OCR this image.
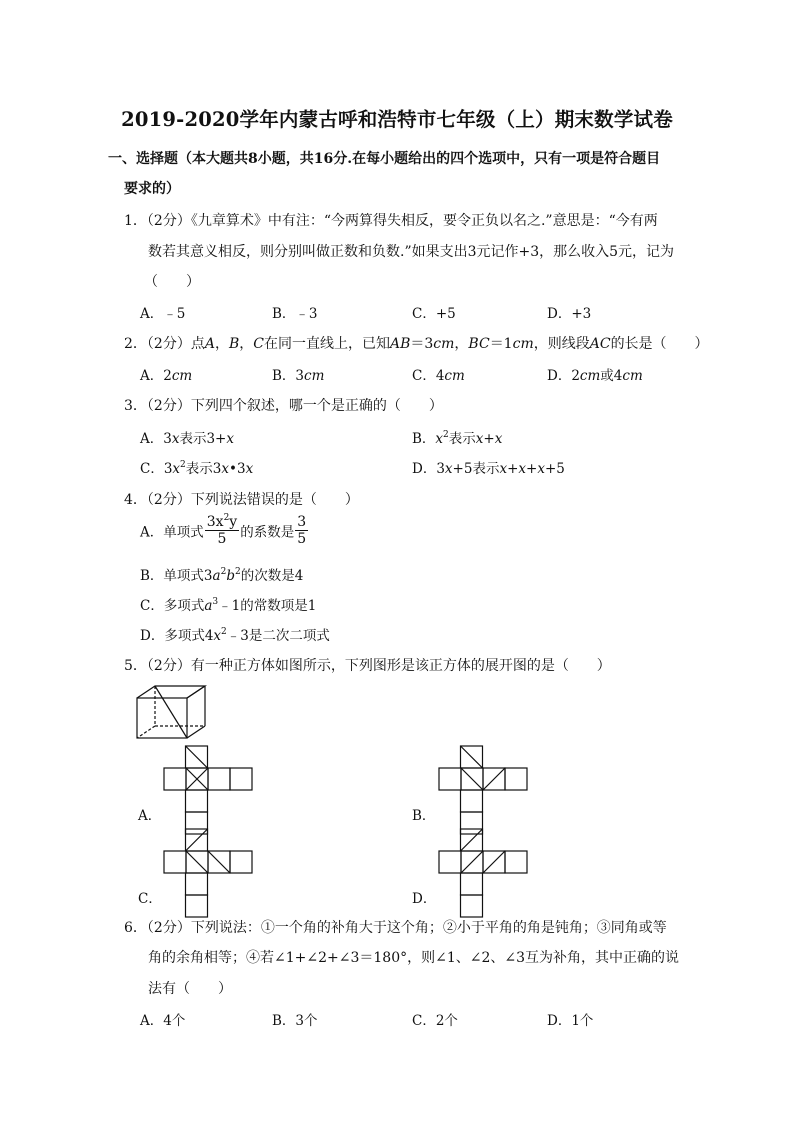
2019-2020学年内蒙古呼和浩特市七年级（上）期末数学试卷
一、选择题（本大题共8小题，共16分.在每小题给出的四个选项中，只有一项是符合题目
要求的）
1．（2分）《九章算术》中有注：“今两算得失相反，要令正负以名之.”意思是：“今有两
数若其意义相反，则分别叫做正数和负数.”如果支出3元记作+3，那么收入5元，记为
（　　）
A．﹣5	B．﹣3	C．+5	D．+3
2．（2分）点A，B，C在同一直线上，已知AB＝3cm，BC＝1cm，则线段AC的长是（　　）
A．2cm	B．3cm	C．4cm	D．2cm或4cm
3．（2分）下列四个叙述，哪一个是正确的（　　）
A．3x表示3+x	B．$x^2$表示x+x
C．$3x^2$表示3x•3x	D．3x+5表示x+x+x+5
4．（2分）下列说法错误的是（　　）
A．单项式 $\frac{3x^2y}{5}$ 的系数是 $\frac{3}{5}$
B．单项式$3a^2b^2$的次数是4
C．多项式$a^3﹣1$的常数项是1
D．多项式$4x^2﹣3$是二次二项式
5．（2分）有一种正方体如图所示，下列图形是该正方体的展开图的是（　　）
A．	B．
C．	D．
6．（2分）下列说法：①一个角的补角大于这个角；②小于平角的角是钝角；③同角或等
角的余角相等；④若∠1+∠2+∠3＝180°，则∠1、∠2、∠3互为补角，其中正确的说
法有（　　）
A．4个	B．3个	C．2个	D．1个
